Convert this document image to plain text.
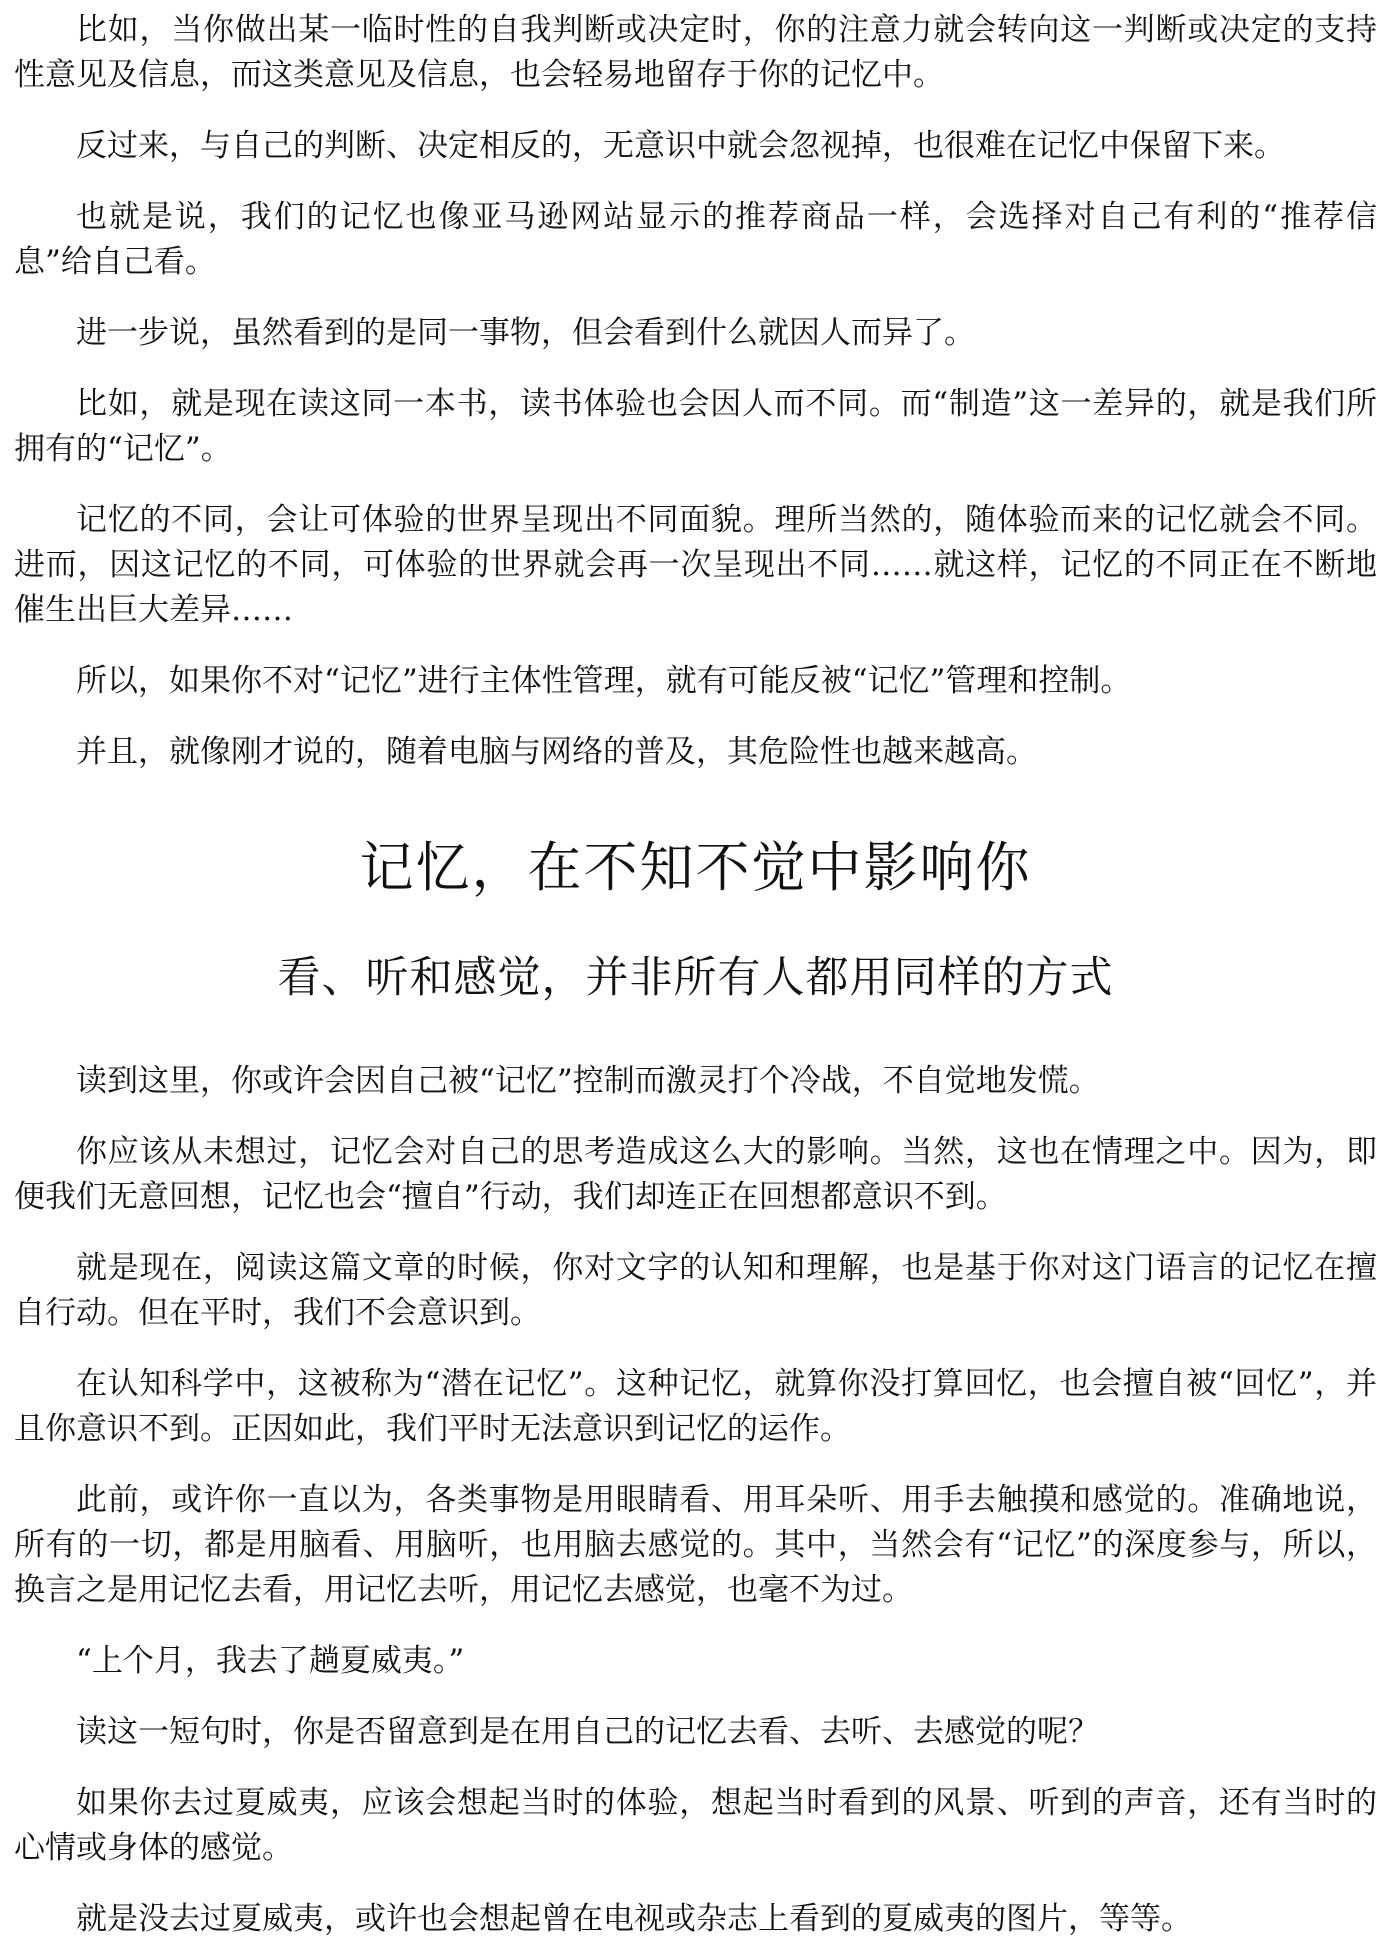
比如，当你做出某一临时性的自我判断或决定时，你的注意力就会转向这一判断或决定的支持性意见及信息，而这类意见及信息，也会轻易地留存于你的记忆中。

反过来，与自己的判断、决定相反的，无意识中就会忽视掉，也很难在记忆中保留下来。

也就是说，我们的记忆也像亚马逊网站显示的推荐商品一样，会选择对自己有利的“推荐信息”给自己看。

进一步说，虽然看到的是同一事物，但会看到什么就因人而异了。

比如，就是现在读这同一本书，读书体验也会因人而不同。而“制造”这一差异的，就是我们所拥有的“记忆”。

记忆的不同，会让可体验的世界呈现出不同面貌。理所当然的，随体验而来的记忆就会不同。进而，因这记忆的不同，可体验的世界就会再一次呈现出不同……就这样，记忆的不同正在不断地催生出巨大差异……

所以，如果你不对“记忆”进行主体性管理，就有可能反被“记忆”管理和控制。

并且，就像刚才说的，随着电脑与网络的普及，其危险性也越来越高。

记忆，在不知不觉中影响你
看、听和感觉，并非所有人都用同样的方式

读到这里，你或许会因自己被“记忆”控制而激灵打个冷战，不自觉地发慌。

你应该从未想过，记忆会对自己的思考造成这么大的影响。当然，这也在情理之中。因为，即便我们无意回想，记忆也会“擅自”行动，我们却连正在回想都意识不到。

就是现在，阅读这篇文章的时候，你对文字的认知和理解，也是基于你对这门语言的记忆在擅自行动。但在平时，我们不会意识到。

在认知科学中，这被称为“潜在记忆”。这种记忆，就算你没打算回忆，也会擅自被“回忆”，并且你意识不到。正因如此，我们平时无法意识到记忆的运作。

此前，或许你一直以为，各类事物是用眼睛看、用耳朵听、用手去触摸和感觉的。准确地说，所有的一切，都是用脑看、用脑听，也用脑去感觉的。其中，当然会有“记忆”的深度参与，所以，换言之是用记忆去看，用记忆去听，用记忆去感觉，也毫不为过。

“上个月，我去了趟夏威夷。”

读这一短句时，你是否留意到是在用自己的记忆去看、去听、去感觉的呢？

如果你去过夏威夷，应该会想起当时的体验，想起当时看到的风景、听到的声音，还有当时的心情或身体的感觉。

就是没去过夏威夷，或许也会想起曾在电视或杂志上看到的夏威夷的图片，等等。
